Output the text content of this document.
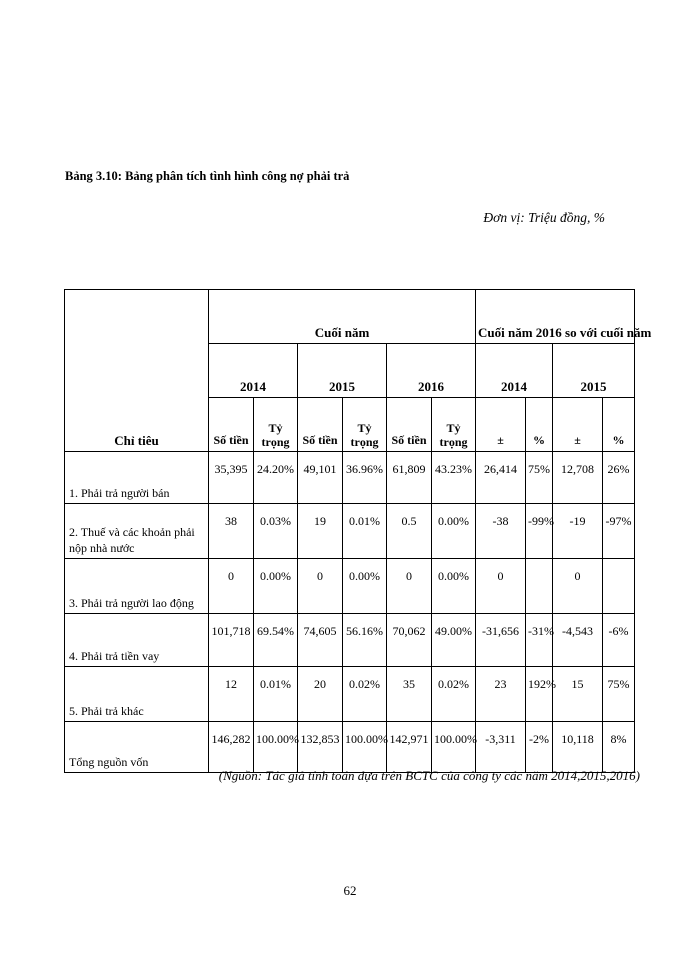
Bảng 3.10: Bảng phân tích tình hình công nợ phải trả
Đơn vị: Triệu đồng, %
Chỉ tiêu	Cuối năm						Cuối năm 2016 so với cuối năm			
	2014		2015		2016		2014		2015	
	Số tiền	Tỷ trọng	Số tiền	Tỷ trọng	Số tiền	Tỷ trọng	±	%	±	%
1. Phải trả người bán	35,395	24.20%	49,101	36.96%	61,809	43.23%	26,414	75%	12,708	26%
2. Thuế và các khoản phải nộp nhà nước	38	0.03%	19	0.01%	0.5	0.00%	-38	-99%	-19	-97%
3. Phải trả người lao động	0	0.00%	0	0.00%	0	0.00%	0		0	
4. Phải trả tiền vay	101,718	69.54%	74,605	56.16%	70,062	49.00%	-31,656	-31%	-4,543	-6%
5. Phải trả khác	12	0.01%	20	0.02%	35	0.02%	23	192%	15	75%
Tổng nguồn vốn	146,282	100.00%	132,853	100.00%	142,971	100.00%	-3,311	-2%	10,118	8%
(Nguồn: Tác giả tính toán dựa trên BCTC của công ty các năm 2014,2015,2016)
62
